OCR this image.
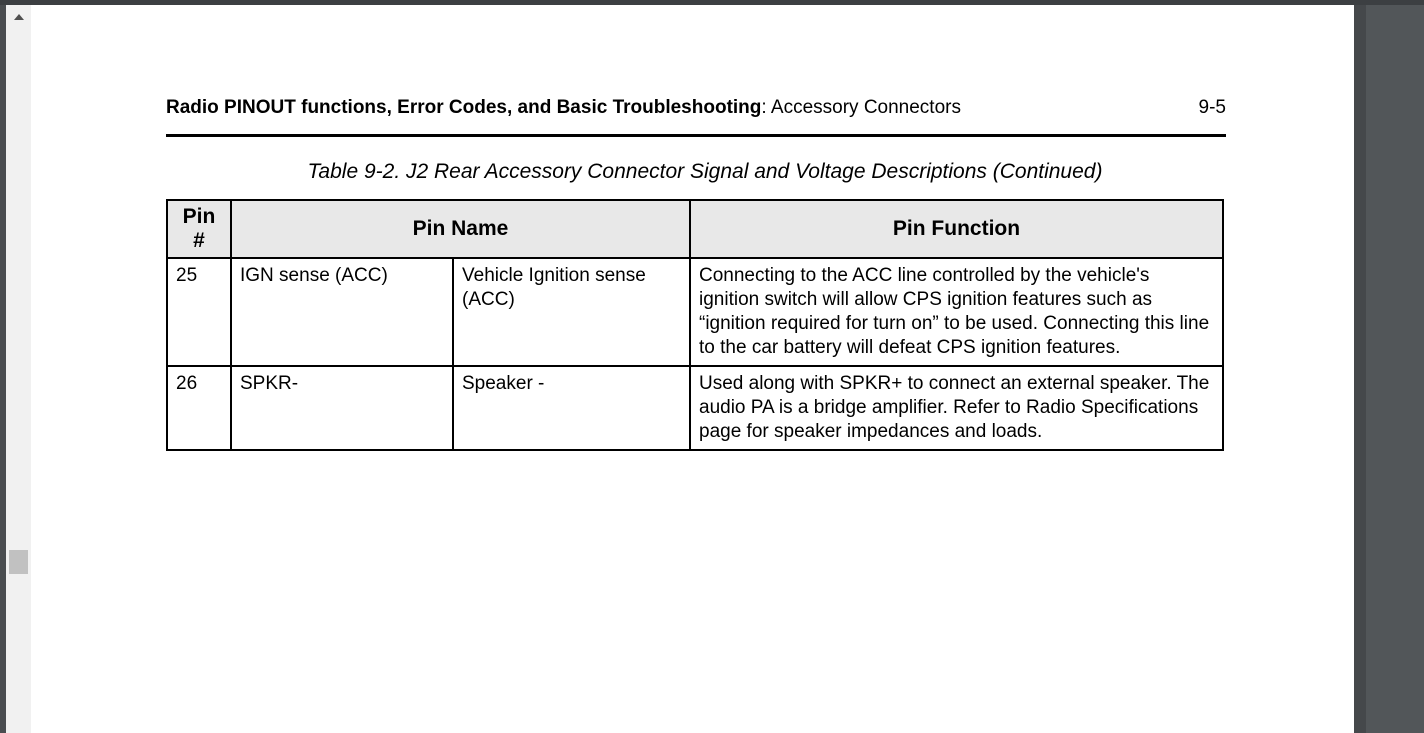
Radio PINOUT functions, Error Codes, and Basic Troubleshooting: Accessory Connectors	9-5
Table 9-2. J2 Rear Accessory Connector Signal and Voltage Descriptions (Continued)
Pin
#	Pin Name		Pin Function
25	IGN sense (ACC)	Vehicle Ignition sense (ACC)	Connecting to the ACC line controlled by the vehicle's ignition switch will allow CPS ignition features such as “ignition required for turn on” to be used. Connecting this line to the car battery will defeat CPS ignition features.
26	SPKR-	Speaker -	Used along with SPKR+ to connect an external speaker. The audio PA is a bridge amplifier. Refer to Radio Specifications page for speaker impedances and loads.
